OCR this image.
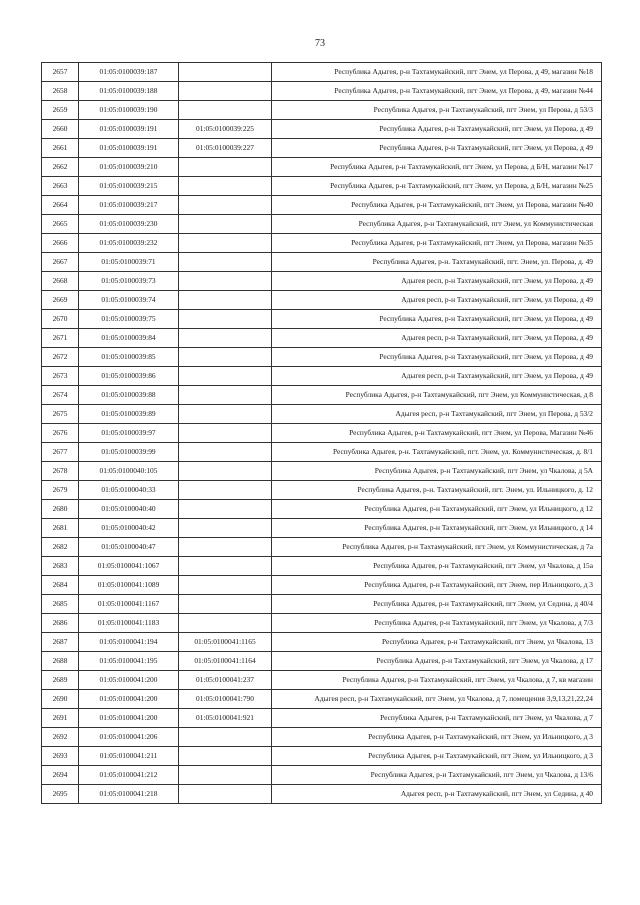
73
2657	01:05:0100039:187		Республика Адыгея, р-н Тахтамукайский, пгт Энем, ул Перова, д 49, магазин №18
2658	01:05:0100039:188		Республика Адыгея, р-н Тахтамукайский, пгт Энем, ул Перова, д 49, магазин №44
2659	01:05:0100039:190		Республика Адыгея, р-н Тахтамукайский, пгт Энем, ул Перова, д 53/3
2660	01:05:0100039:191	01:05:0100039:225	Республика Адыгея, р-н Тахтамукайский, пгт Энем, ул Перова, д 49
2661	01:05:0100039:191	01:05:0100039:227	Республика Адыгея, р-н Тахтамукайский, пгт Энем, ул Перова, д 49
2662	01:05:0100039:210		Республика Адыгея, р-н Тахтамукайский, пгт Энем, ул Перова, д Б/Н, магазин №17
2663	01:05:0100039:215		Республика Адыгея, р-н Тахтамукайский, пгт Энем, ул Перова, д Б/Н, магазин №25
2664	01:05:0100039:217		Республика Адыгея, р-н Тахтамукайский, пгт Энем, ул Перова, магазин №40
2665	01:05:0100039:230		Республика Адыгея, р-н Тахтамукайский, пгт Энем, ул Коммунистическая
2666	01:05:0100039:232		Республика Адыгея, р-н Тахтамукайский, пгт Энем, ул Перова, магазин №35
2667	01:05:0100039:71		Республика Адыгея, р-н. Тахтамукайский, пгт. Энем, ул. Перова, д. 49
2668	01:05:0100039:73		Адыгея респ, р-н Тахтамукайский, пгт Энем, ул Перова, д 49
2669	01:05:0100039:74		Адыгея респ, р-н Тахтамукайский, пгт Энем, ул Перова, д 49
2670	01:05:0100039:75		Республика Адыгея, р-н Тахтамукайский, пгт Энем, ул Перова, д 49
2671	01:05:0100039:84		Адыгея респ, р-н Тахтамукайский, пгт Энем, ул Перова, д 49
2672	01:05:0100039:85		Республика Адыгея, р-н Тахтамукайский, пгт Энем, ул Перова, д 49
2673	01:05:0100039:86		Адыгея респ, р-н Тахтамукайский, пгт Энем, ул Перова, д 49
2674	01:05:0100039:88		Республика Адыгея, р-н Тахтамукайский, пгт Энем, ул Коммунистическая, д 8
2675	01:05:0100039:89		Адыгея респ, р-н Тахтамукайский, пгт Энем, ул Перова, д 53/2
2676	01:05:0100039:97		Республика Адыгея, р-н Тахтамукайский, пгт Энем, ул Перова, Магазин №46
2677	01:05:0100039:99		Республика Адыгея, р-н. Тахтамукайский, пгт. Энем, ул. Коммунистическая, д. 8/1
2678	01:05:0100040:105		Республика Адыгея, р-н Тахтамукайский, пгт Энем, ул Чкалова, д 5А
2679	01:05:0100040:33		Республика Адыгея, р-н. Тахтамукайский, пгт. Энем, ул. Ильницкого, д. 12
2680	01:05:0100040:40		Республика Адыгея, р-н Тахтамукайский, пгт Энем, ул Ильницкого, д 12
2681	01:05:0100040:42		Республика Адыгея, р-н Тахтамукайский, пгт Энем, ул Ильницкого, д 14
2682	01:05:0100040:47		Республика Адыгея, р-н Тахтамукайский, пгт Энем, ул Коммунистическая, д 7а
2683	01:05:0100041:1067		Республика Адыгея, р-н Тахтамукайский, пгт Энем, ул Чкалова, д 15а
2684	01:05:0100041:1089		Республика Адыгея, р-н Тахтамукайский, пгт Энем, пер Ильницкого, д 3
2685	01:05:0100041:1167		Республика Адыгея, р-н Тахтамукайский, пгт Энем, ул Седина, д 40/4
2686	01:05:0100041:1183		Республика Адыгея, р-н Тахтамукайский, пгт Энем, ул Чкалова, д 7/3
2687	01:05:0100041:194	01:05:0100041:1165	Республика Адыгея, р-н Тахтамукайский, пгт Энем, ул Чкалова, 13
2688	01:05:0100041:195	01:05:0100041:1164	Республика Адыгея, р-н Тахтамукайский, пгт Энем, ул Чкалова, д 17
2689	01:05:0100041:200	01:05:0100041:237	Республика Адыгея, р-н Тахтамукайский, пгт Энем, ул Чкалова, д 7, кв магазин
2690	01:05:0100041:200	01:05:0100041:790	Адыгея респ, р-н Тахтамукайский, пгт Энем, ул Чкалова, д 7, помещения 3,9,13,21,22,24
2691	01:05:0100041:200	01:05:0100041:921	Республика Адыгея, р-н Тахтамукайский, пгт Энем, ул Чкалова, д 7
2692	01:05:0100041:206		Республика Адыгея, р-н Тахтамукайский, пгт Энем, ул Ильницкого, д 3
2693	01:05:0100041:211		Республика Адыгея, р-н Тахтамукайский, пгт Энем, ул Ильницкого, д 3
2694	01:05:0100041:212		Республика Адыгея, р-н Тахтамукайский, пгт Энем, ул Чкалова, д 13/6
2695	01:05:0100041:218		Адыгея респ, р-н Тахтамукайский, пгт Энем, ул Седина, д 40
